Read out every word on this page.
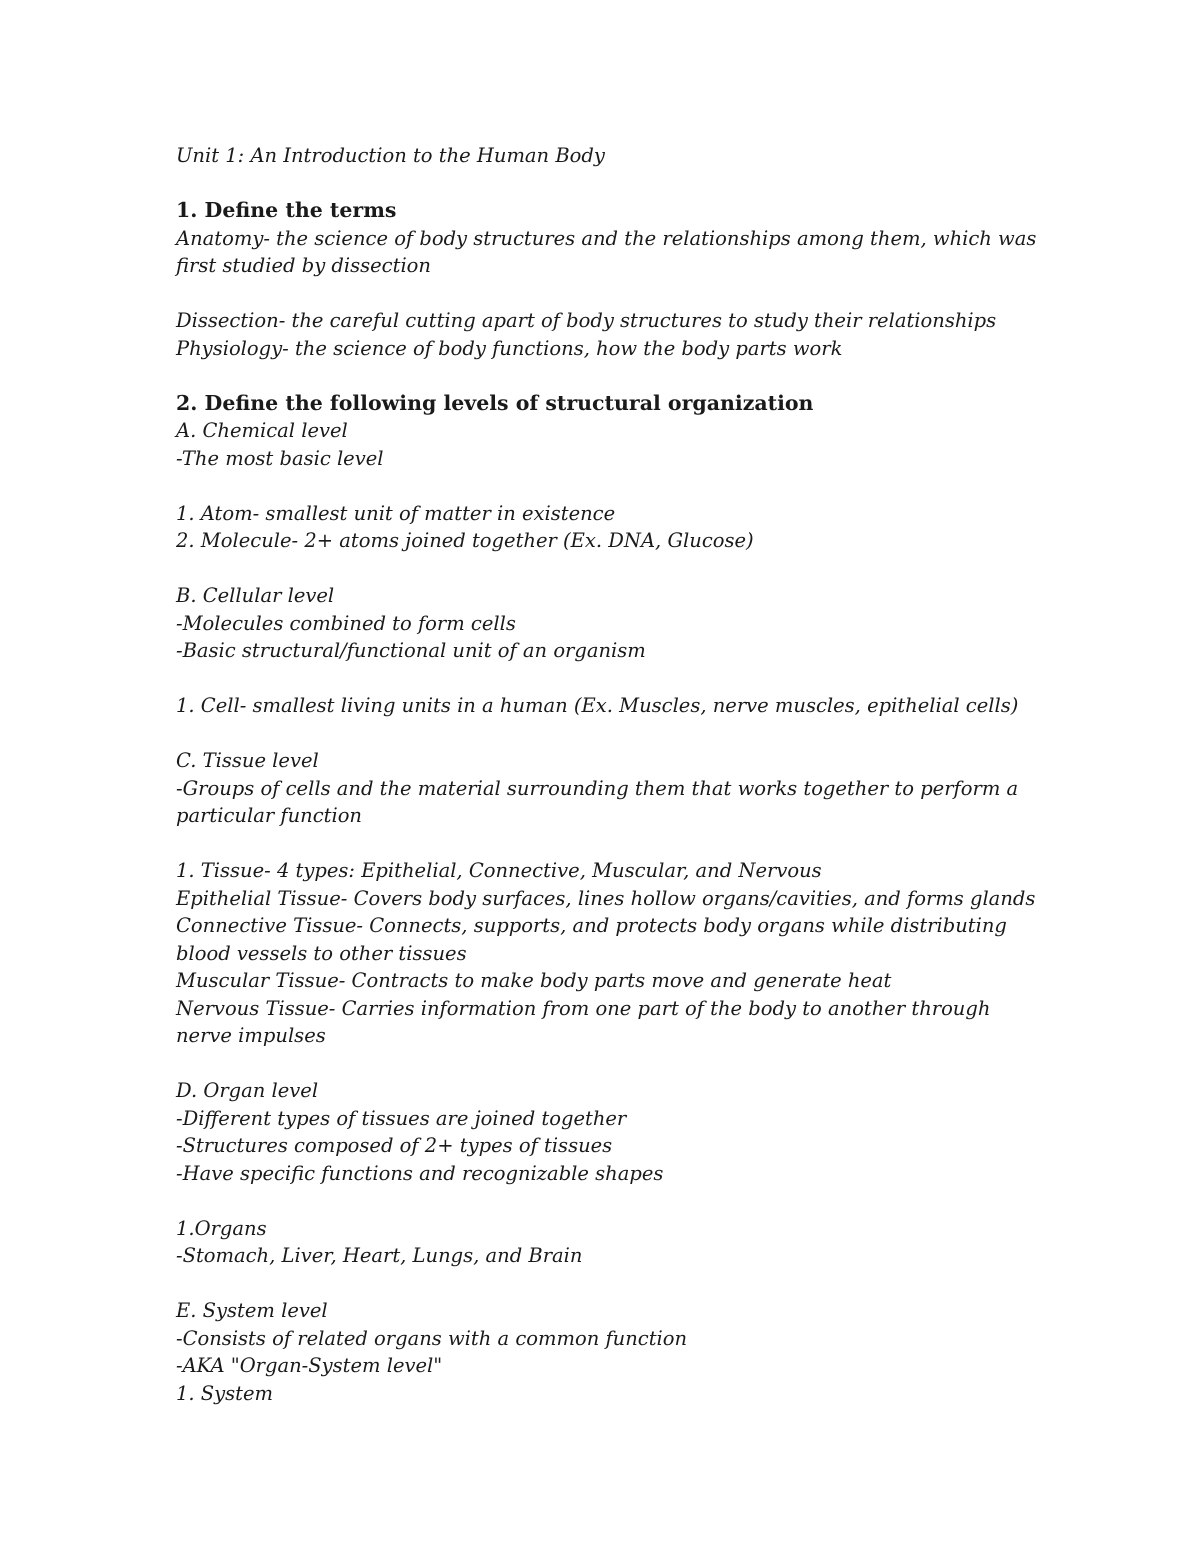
Unit 1: An Introduction to the Human Body
1. Define the terms
Anatomy- the science of body structures and the relationships among them, which was
first studied by dissection
Dissection- the careful cutting apart of body structures to study their relationships
Physiology- the science of body functions, how the body parts work
2. Define the following levels of structural organization
A. Chemical level
-The most basic level
1. Atom- smallest unit of matter in existence
2. Molecule- 2+ atoms joined together (Ex. DNA, Glucose)
B. Cellular level
-Molecules combined to form cells
-Basic structural/functional unit of an organism
1. Cell- smallest living units in a human (Ex. Muscles, nerve muscles, epithelial cells)
C. Tissue level
-Groups of cells and the material surrounding them that works together to perform a
particular function
1. Tissue- 4 types: Epithelial, Connective, Muscular, and Nervous
Epithelial Tissue- Covers body surfaces, lines hollow organs/cavities, and forms glands
Connective Tissue- Connects, supports, and protects body organs while distributing
blood vessels to other tissues
Muscular Tissue- Contracts to make body parts move and generate heat
Nervous Tissue- Carries information from one part of the body to another through
nerve impulses
D. Organ level
-Different types of tissues are joined together
-Structures composed of 2+ types of tissues
-Have specific functions and recognizable shapes
1.Organs
-Stomach, Liver, Heart, Lungs, and Brain
E. System level
-Consists of related organs with a common function
-AKA "Organ-System level"
1. System
